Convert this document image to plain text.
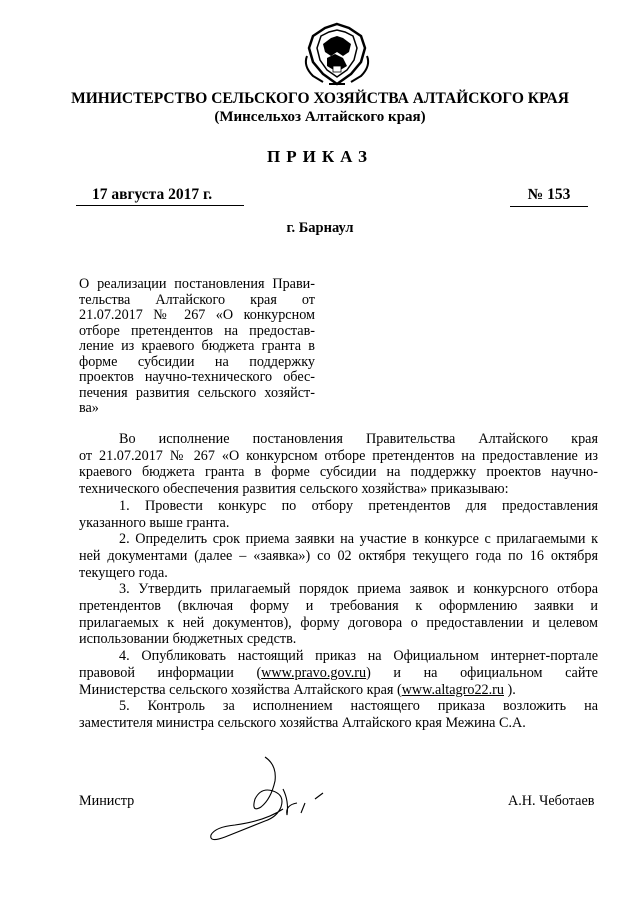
МИНИСТЕРСТВО СЕЛЬСКОГО ХОЗЯЙСТВА АЛТАЙСКОГО КРАЯ
(Минсельхоз Алтайского края)
ПРИКАЗ
17 августа 2017 г.	№ 153
г. Барнаул
О реализации постановления Прави-
тельства Алтайского края от
21.07.2017 № 267 «О конкурсном
отборе претендентов на предостав-
ление из краевого бюджета гранта в
форме субсидии на поддержку
проектов научно-технического обес-
печения развития сельского хозяйст-
ва»
Во исполнение постановления Правительства Алтайского края
от 21.07.2017 № 267 «О конкурсном отборе претендентов на предоставление из
краевого бюджета гранта в форме субсидии на поддержку проектов научно-
технического обеспечения развития сельского хозяйства» приказываю:
1. Провести конкурс по отбору претендентов для предоставления
указанного выше гранта.
2. Определить срок приема заявки на участие в конкурсе с прилагаемыми к
ней документами (далее – «заявка») со 02 октября текущего года по 16 октября
текущего года.
3. Утвердить прилагаемый порядок приема заявок и конкурсного отбора
претендентов (включая форму и требования к оформлению заявки и
прилагаемых к ней документов), форму договора о предоставлении и целевом
использовании бюджетных средств.
4. Опубликовать настоящий приказ на Официальном интернет-портале
правовой информации (www.pravo.gov.ru) и на официальном сайте
Министерства сельского хозяйства Алтайского края (www.altagro22.ru ).
5. Контроль за исполнением настоящего приказа возложить на
заместителя министра сельского хозяйства Алтайского края Межина С.А.
Министр	А.Н. Чеботаев
